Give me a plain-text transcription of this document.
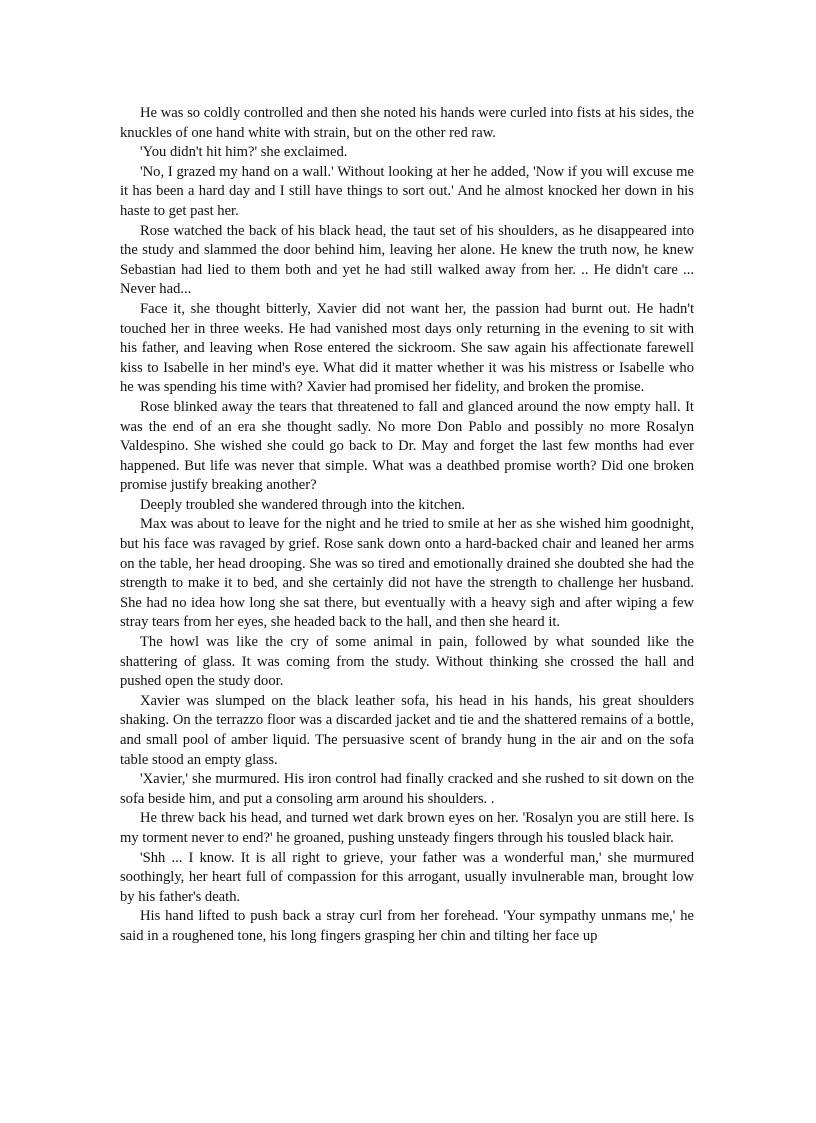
He was so coldly controlled and then she noted his hands were curled into fists at his sides, the knuckles of one hand white with strain, but on the other red raw.

'You didn't hit him?' she exclaimed.

'No, I grazed my hand on a wall.' Without looking at her he added, 'Now if you will excuse me it has been a hard day and I still have things to sort out.' And he almost knocked her down in his haste to get past her.

Rose watched the back of his black head, the taut set of his shoulders, as he disappeared into the study and slammed the door behind him, leaving her alone. He knew the truth now, he knew Sebastian had lied to them both and yet he had still walked away from her. .. He didn't care ... Never had...

Face it, she thought bitterly, Xavier did not want her, the passion had burnt out. He hadn't touched her in three weeks. He had vanished most days only returning in the evening to sit with his father, and leaving when Rose entered the sickroom. She saw again his affectionate farewell kiss to Isabelle in her mind's eye. What did it matter whether it was his mistress or Isabelle who he was spending his time with? Xavier had promised her fidelity, and broken the promise.

Rose blinked away the tears that threatened to fall and glanced around the now empty hall. It was the end of an era she thought sadly. No more Don Pablo and possibly no more Rosalyn Valdespino. She wished she could go back to Dr. May and forget the last few months had ever happened. But life was never that simple. What was a deathbed promise worth? Did one broken promise justify breaking another?

Deeply troubled she wandered through into the kitchen.

Max was about to leave for the night and he tried to smile at her as she wished him goodnight, but his face was ravaged by grief. Rose sank down onto a hard-backed chair and leaned her arms on the table, her head drooping. She was so tired and emotionally drained she doubted she had the strength to make it to bed, and she certainly did not have the strength to challenge her husband. She had no idea how long she sat there, but eventually with a heavy sigh and after wiping a few stray tears from her eyes, she headed back to the hall, and then she heard it.

The howl was like the cry of some animal in pain, followed by what sounded like the shattering of glass. It was coming from the study. Without thinking she crossed the hall and pushed open the study door.

Xavier was slumped on the black leather sofa, his head in his hands, his great shoulders shaking. On the terrazzo floor was a discarded jacket and tie and the shattered remains of a bottle, and small pool of amber liquid. The persuasive scent of brandy hung in the air and on the sofa table stood an empty glass.

'Xavier,' she murmured. His iron control had finally cracked and she rushed to sit down on the sofa beside him, and put a consoling arm around his shoulders. .

He threw back his head, and turned wet dark brown eyes on her. 'Rosalyn you are still here. Is my torment never to end?' he groaned, pushing unsteady fingers through his tousled black hair.

'Shh ... I know. It is all right to grieve, your father was a wonderful man,' she murmured soothingly, her heart full of compassion for this arrogant, usually invulnerable man, brought low by his father's death.

His hand lifted to push back a stray curl from her forehead. 'Your sympathy unmans me,' he said in a roughened tone, his long fingers grasping her chin and tilting her face up
